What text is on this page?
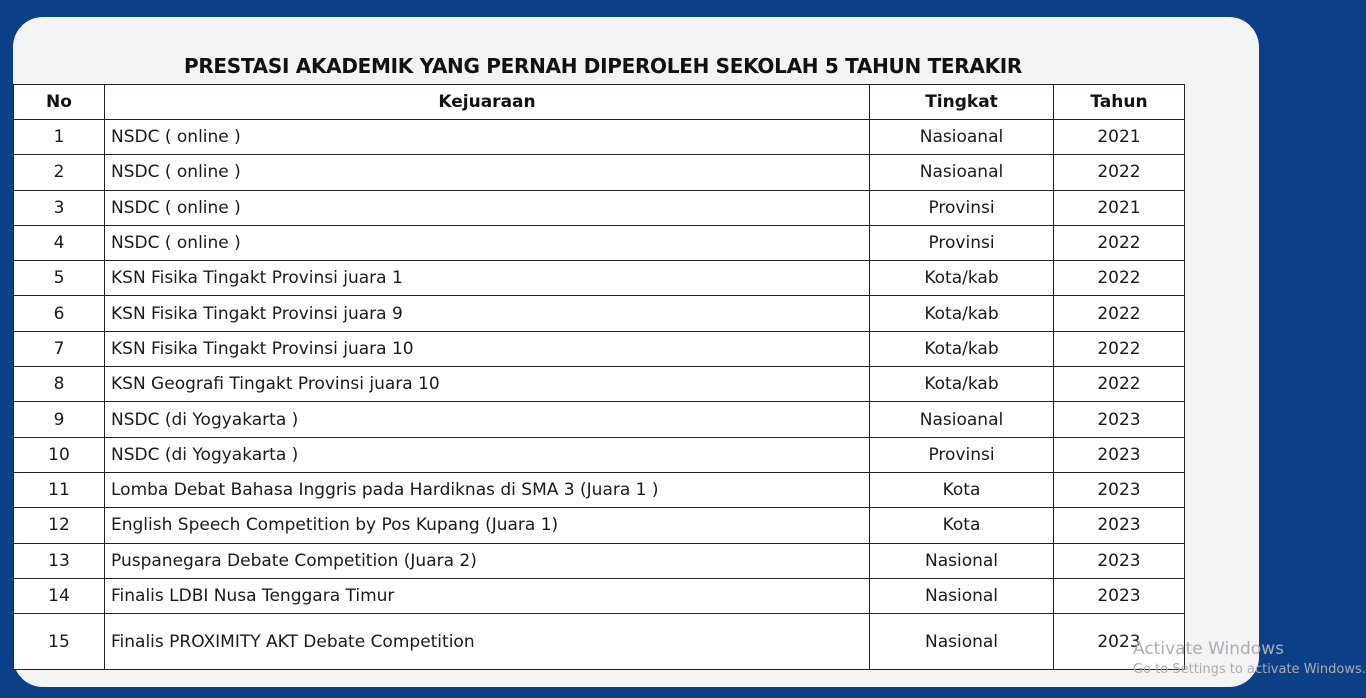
PRESTASI AKADEMIK YANG PERNAH DIPEROLEH SEKOLAH 5 TAHUN TERAKIR
No	Kejuaraan	Tingkat	Tahun
1	NSDC ( online )	Nasioanal	2021
2	NSDC ( online )	Nasioanal	2022
3	NSDC ( online )	Provinsi	2021
4	NSDC ( online )	Provinsi	2022
5	KSN Fisika Tingakt Provinsi juara 1	Kota/kab	2022
6	KSN Fisika Tingakt Provinsi juara 9	Kota/kab	2022
7	KSN Fisika Tingakt Provinsi juara 10	Kota/kab	2022
8	KSN Geografi Tingakt Provinsi juara 10	Kota/kab	2022
9	NSDC (di Yogyakarta )	Nasioanal	2023
10	NSDC (di Yogyakarta )	Provinsi	2023
11	Lomba Debat Bahasa Inggris pada Hardiknas di SMA 3 (Juara 1 )	Kota	2023
12	English Speech Competition by Pos Kupang (Juara 1)	Kota	2023
13	Puspanegara Debate Competition (Juara 2)	Nasional	2023
14	Finalis LDBI Nusa Tenggara Timur	Nasional	2023
15	Finalis PROXIMITY AKT Debate Competition	Nasional	2023
Activate Windows
Go to Settings to activate Windows.
